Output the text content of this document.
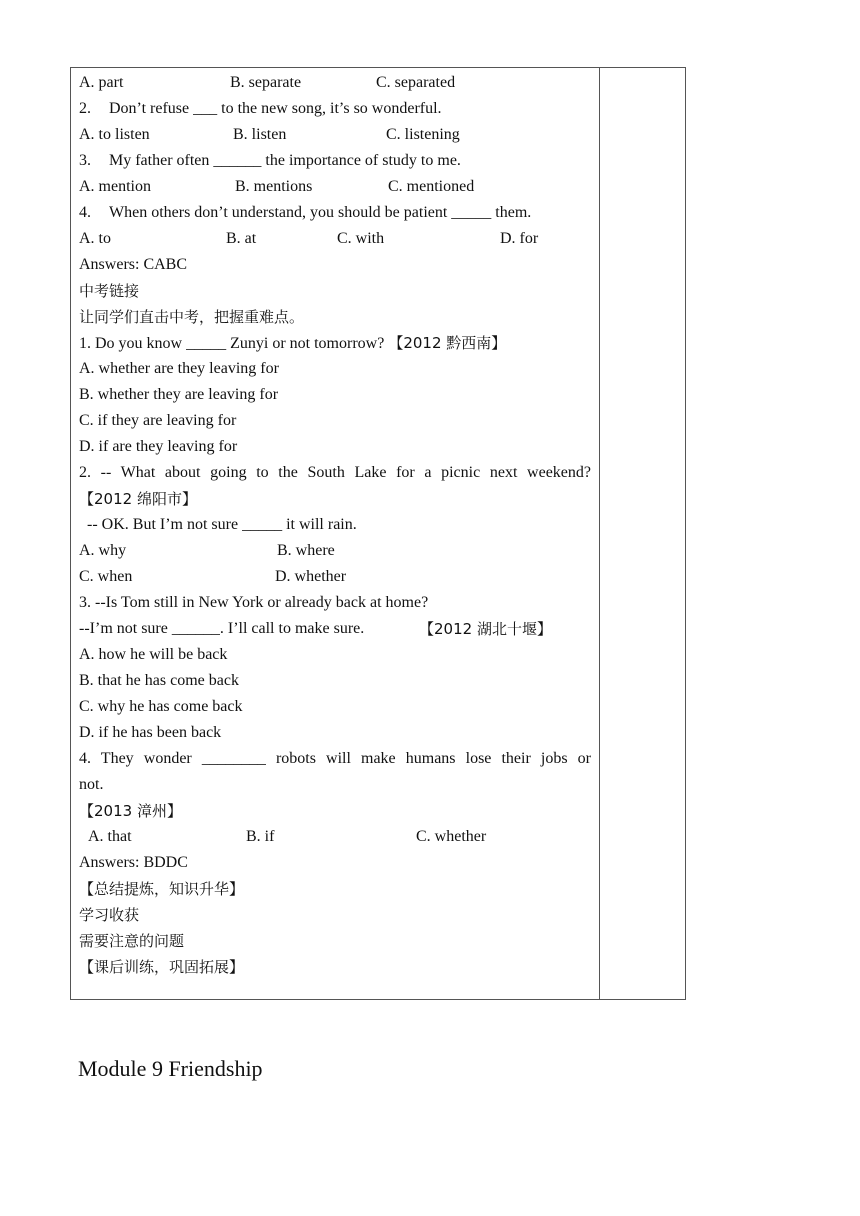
A. part	B. separate	C. separated
2. Don’t refuse ___ to the new song, it’s so wonderful.
A. to listen	B. listen	C. listening
3. My father often ______ the importance of study to me.
A. mention	B. mentions	C. mentioned
4. When others don’t understand, you should be patient _____ them.
A. to	B. at	C. with	D. for
Answers: CABC
中考链接
让同学们直击中考，把握重难点。
1. Do you know _____ Zunyi or not tomorrow? 【2012 黔西南】
A. whether are they leaving for
B. whether they are leaving for
C. if they are leaving for
D. if are they leaving for
2. -- What about going to the South Lake for a picnic next weekend?
【2012 绵阳市】
-- OK. But I’m not sure _____ it will rain.
A. why	B. where
C. when	D. whether
3. --Is Tom still in New York or already back at home?
--I’m not sure ______. I’ll call to make sure.	【2012 湖北十堰】
A. how he will be back
B. that he has come back
C. why he has come back
D. if he has been back
4. They wonder ________ robots will make humans lose their jobs or
not.
【2013 漳州】
A. that	B. if	C. whether
Answers: BDDC
【总结提炼，知识升华】
学习收获
需要注意的问题
【课后训练，巩固拓展】
Module 9 Friendship
